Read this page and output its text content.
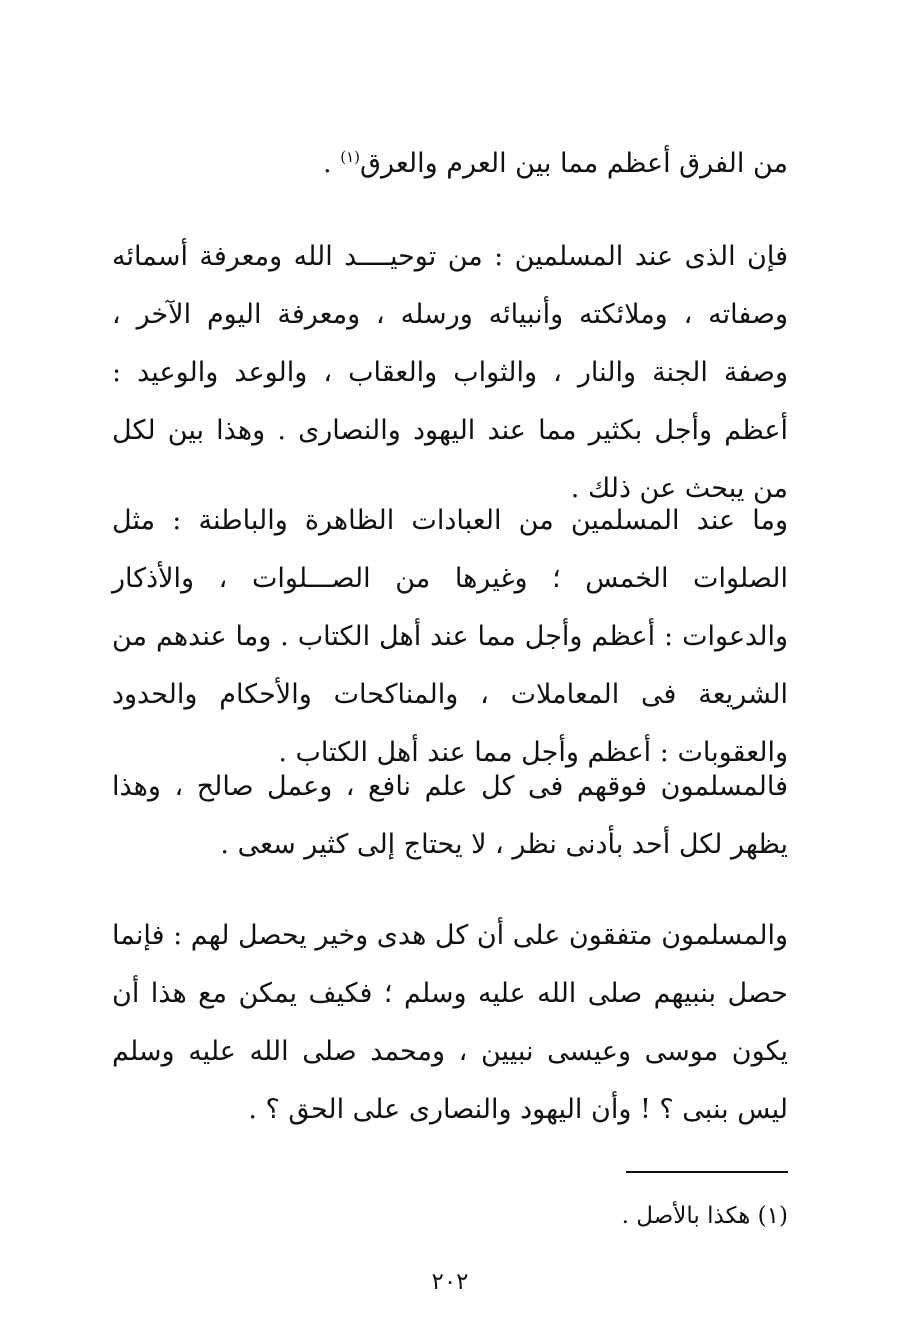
من الفرق أعظم مما بين العرم والعرق$^{(١)}$ .

فإن الذى عند المسلمين : من توحيــــد الله ومعرفة أسمائه وصفاته ، وملائكته وأنبيائه ورسله ، ومعرفة اليوم الآخر ، وصفة الجنة والنار ، والثواب والعقاب ، والوعد والوعيد : أعظم وأجل بكثير مما عند اليهود والنصارى . وهذا بين لكل من يبحث عن ذلك .

وما عند المسلمين من العبادات الظاهرة والباطنة : مثل الصلوات الخمس ؛ وغيرها من الصـــلوات ، والأذكار والدعوات : أعظم وأجل مما عند أهل الكتاب . وما عندهم من الشريعة فى المعاملات ، والمناكحات والأحكام والحدود والعقوبات : أعظم وأجل مما عند أهل الكتاب .

فالمسلمون فوقهم فى كل علم نافع ، وعمل صالح ، وهذا يظهر لكل أحد بأدنى نظر ، لا يحتاج إلى كثير سعى .

والمسلمون متفقون على أن كل هدى وخير يحصل لهم : فإنما حصل بنبيهم صلى الله عليه وسلم ؛ فكيف يمكن مع هذا أن يكون موسى وعيسى نبيين ، ومحمد صلى الله عليه وسلم ليس بنبى ؟ ! وأن اليهود والنصارى على الحق ؟ .

(١) هكذا بالأصل .
٢٠٢
